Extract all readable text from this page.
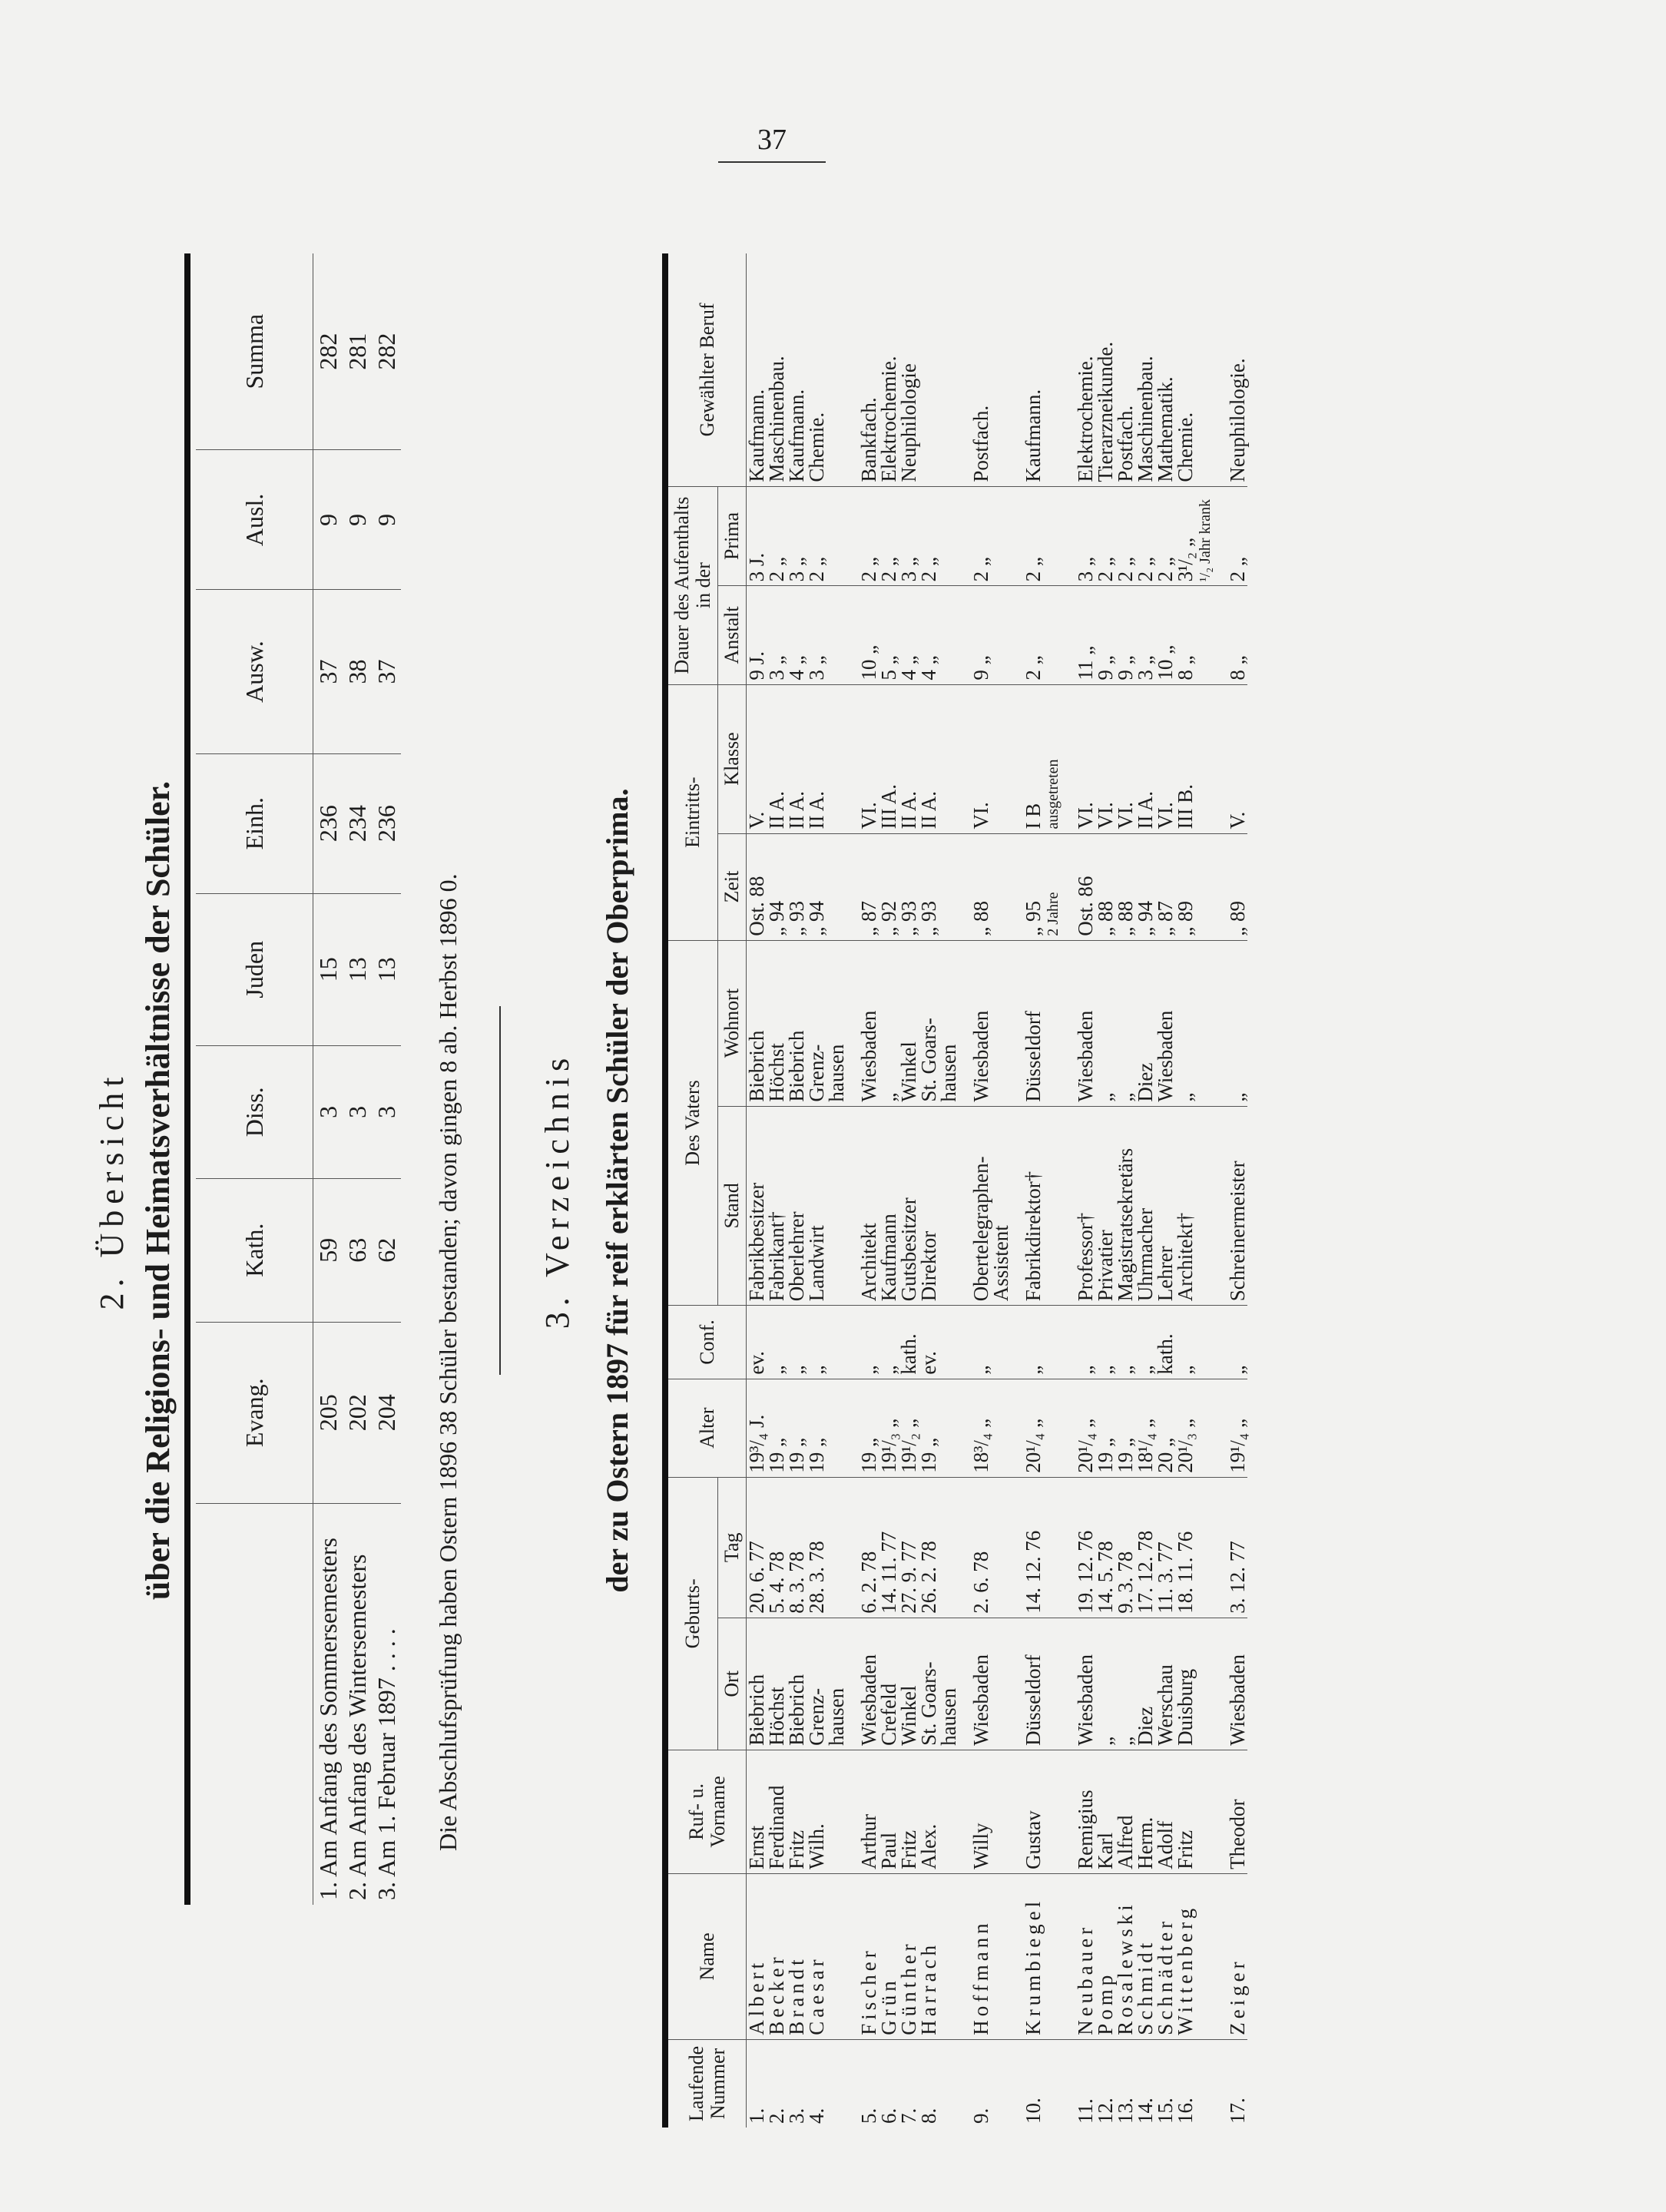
37
2. Übersicht über die Religions- und Heimatsverhältnisse der Schüler.
		Evang.	Kath.	Diss.	Juden	Einh.	Ausw.	Ausl.	Summa
1. Am Anfang des Sommersemesters	205	59	3	15	236	37	9	282
2. Am Anfang des Wintersemesters	202	63	3	13	234	38	9	281
3. Am 1. Februar 1897 . . . .	204	62	3	13	236	37	9	282
Die Abschlufsprüfung haben Ostern 1896 38 Schüler bestanden; davon gingen 8 ab. Herbst 1896 0. 3. Verzeichnis der zu Ostern 1897 für reif erklärten Schüler der Oberprima.
Laufende Nummer	Name	Ruf- u. Vorname	Geburts-		Alter	Conf.	Des Vaters		Eintritts-		Dauer des Aufenthalts in der		Gewählter Beruf
			Ort	Tag			Stand	Wohnort	Zeit	Klasse	Anstalt	Prima	
1.	Albert	Ernst	Biebrich	20. 6. 77	19³/₄ J.	ev.	Fabrikbesitzer	Biebrich	Ost. 88	V.	9 J.	3 J.	Kaufmann.
2.	Becker	Ferdinand	Höchst	5. 4. 78	19 „	„	Fabrikant†	Höchst	„ 94	II A.	3 „	2 „	Maschinenbau.
3.	Brandt	Fritz	Biebrich	8. 3. 78	19 „	„	Oberlehrer	Biebrich	„ 93	II A.	4 „	3 „	Kaufmann.
4.	Caesar	Wilh.	Grenz-	28. 3. 78	19 „	„	Landwirt	Grenz-	„ 94	II A.	3 „	2 „	Chemie.
			hausen					hausen					

5.	Fischer	Arthur	Wiesbaden	6. 2. 78	19 „	„	Architekt	Wiesbaden	„ 87	VI.	10 „	2 „	Bankfach.
6.	Grün	Paul	Crefeld	14. 11. 77	19¹/₃ „	„	Kaufmann	„	„ 92	III A.	5 „	2 „	Elektrochemie.
7.	Günther	Fritz	Winkel	27. 9. 77	19¹/₂ „	kath.	Gutsbesitzer	Winkel	„ 93	II A.	4 „	3 „	Neuphilologie
8.	Harrach	Alex.	St. Goars-	26. 2. 78	19 „	ev.	Direktor	St. Goars-	„ 93	II A.	4 „	2 „	
			hausen					hausen					

9.	Hoffmann	Willy	Wiesbaden	2. 6. 78	18³/₄ „	„	Obertelegraphen-	Wiesbaden	„ 88	VI.	9 „	2 „	Postfach.
							Assistent						

10.	Krumbiegel	Gustav	Düsseldorf	14. 12. 76	20¹/₄ „	„	Fabrikdirektor†	Düsseldorf	„ 95	I B	2 „	2 „	Kaufmann.
									2 Jahre	ausgetreten			

11.	Neubauer	Remigius	Wiesbaden	19. 12. 76	20¹/₄ „	„	Professor†	Wiesbaden	Ost. 86	VI.	11 „	3 „	Elektrochemie.
12.	Pomp	Karl	„	14. 5. 78	19 „	„	Privatier	„	„ 88	VI.	9 „	2 „	Tierarzneikunde.
13.	Rosalewski	Alfred	„	9. 3. 78	19 „	„	Magistratsekretärs	„	„ 88	VI.	9 „	2 „	Postfach.
14.	Schmidt	Herm.	Diez	17. 12. 78	18¹/₄ „	„	Uhrmacher	Diez	„ 94	II A.	3 „	2 „	Maschinenbau.
15.	Schnädter	Adolf	Werschau	11. 3. 77	20 „	kath.	Lehrer	Wiesbaden	„ 87	VI.	10 „	2 „	Mathematik.
16.	Wittenberg	Fritz	Duisburg	18. 11. 76	20¹/₃ „	„	Architekt†	„	„ 89	III B.	8 „	3¹/₂ „	Chemie.
												¹/₂ Jahr krank	

17.	Zeiger	Theodor	Wiesbaden	3. 12. 77	19¹/₄ „	„	Schreinermeister	„	„ 89	V.	8 „	2 „	Neuphilologie.
